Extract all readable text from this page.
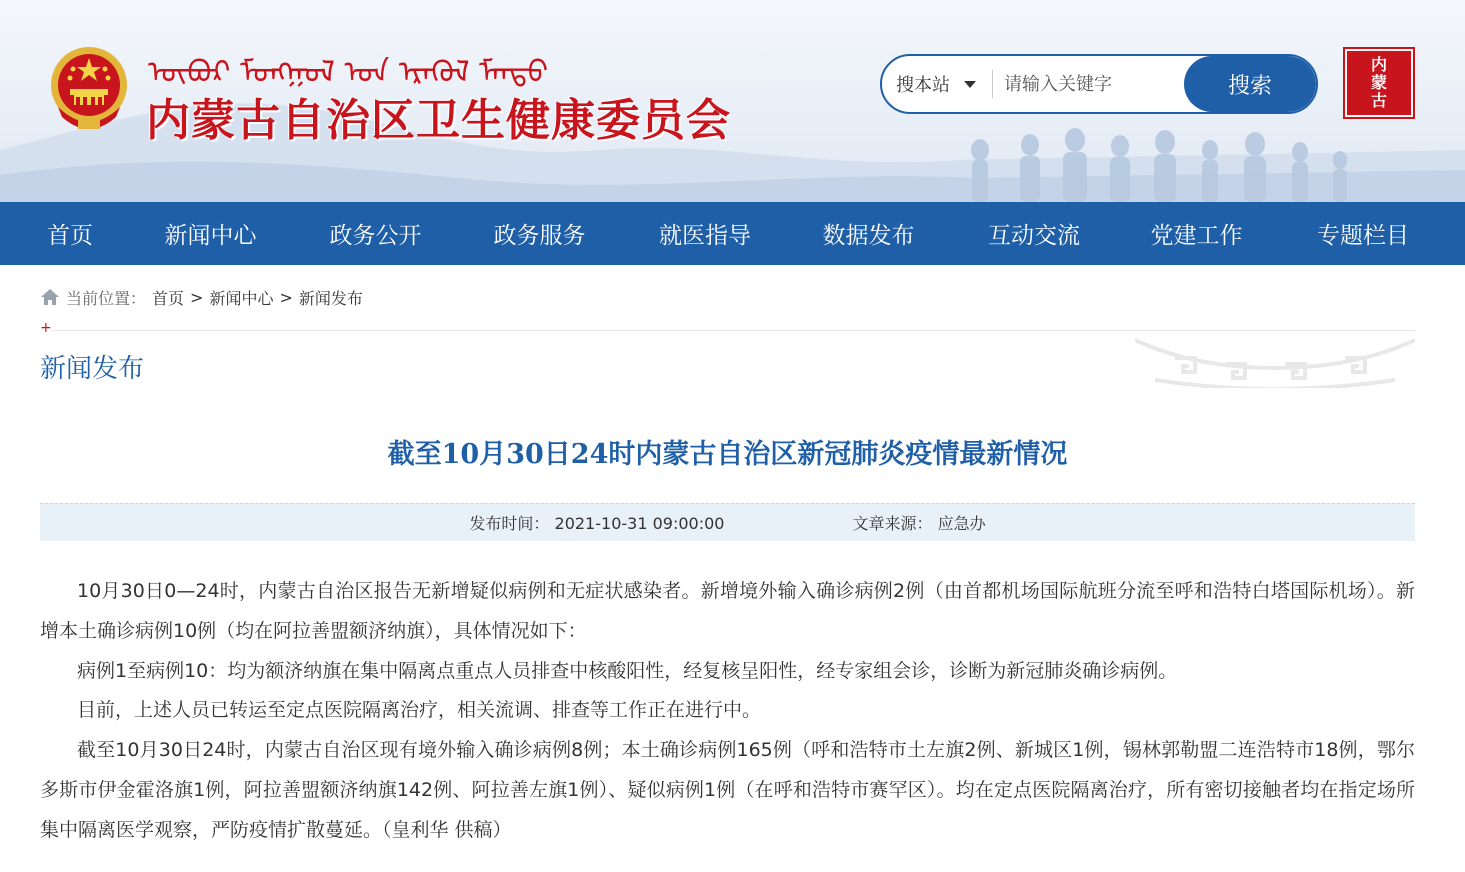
ᠥᠪᠦᠷ ᠮᠣᠩᠭᠣᠯ ᠤᠨ ᠡᠷᠡᠭᠦᠯ ᠮᠡᠨᠳᠦ
内蒙古自治区卫生健康委员会
搜本站
请输入关键字	搜索
内
蒙
古
首页	新闻中心	政务公开	政务服务	就医指导	数据发布	互动交流	党建工作	专题栏目
当前位置： 首页 > 新闻中心 > 新闻发布
+
新闻发布
截至10月30日24时内蒙古自治区新冠肺炎疫情最新情况
发布时间： 2021-10-31 09:00:00	文章来源： 应急办

10月30日0—24时，内蒙古自治区报告无新增疑似病例和无症状感染者。新增境外输入确诊病例2例（由首都机场国际航班分流至呼和浩特白塔国际机场）。新增本土确诊病例10例（均在阿拉善盟额济纳旗），具体情况如下：

病例1至病例10：均为额济纳旗在集中隔离点重点人员排查中核酸阳性，经复核呈阳性，经专家组会诊，诊断为新冠肺炎确诊病例。

目前，上述人员已转运至定点医院隔离治疗，相关流调、排查等工作正在进行中。

截至10月30日24时，内蒙古自治区现有境外输入确诊病例8例；本土确诊病例165例（呼和浩特市土左旗2例、新城区1例，锡林郭勒盟二连浩特市18例，鄂尔多斯市伊金霍洛旗1例，阿拉善盟额济纳旗142例、阿拉善左旗1例）、疑似病例1例（在呼和浩特市赛罕区）。均在定点医院隔离治疗，所有密切接触者均在指定场所集中隔离医学观察，严防疫情扩散蔓延。（皇利华 供稿）
